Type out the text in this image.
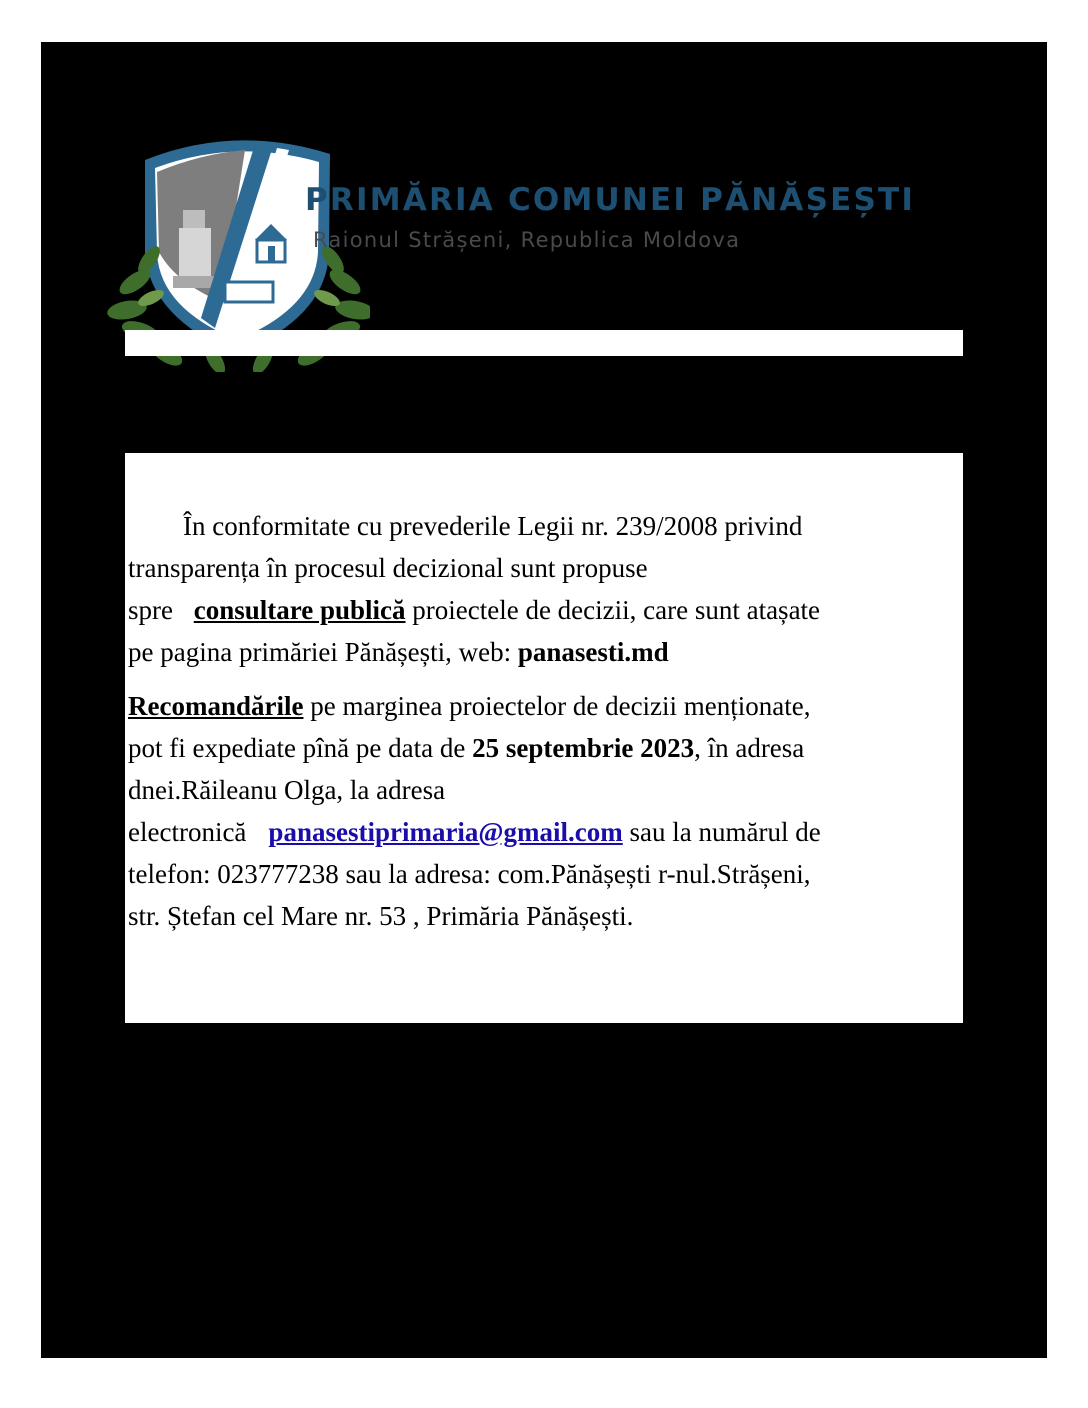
PRIMĂRIA COMUNEI PĂNĂȘEȘTI
Raionul Strășeni, Republica Moldova

În conformitate cu prevederile Legii nr. 239/2008 privind
transparența în procesul decizional sunt propuse
spre consultare publică proiectele de decizii, care sunt atașate
pe pagina primăriei Pănășești, web: panasesti.md

Recomandările pe marginea proiectelor de decizii menționate,
pot fi expediate pînă pe data de 25 septembrie 2023, în adresa
dnei.Răileanu Olga, la adresa
electronică panasestiprimaria@gmail.com sau la numărul de
telefon: 023777238 sau la adresa: com.Pănășești r-nul.Strășeni,
str. Ștefan cel Mare nr. 53 , Primăria Pănășești.
